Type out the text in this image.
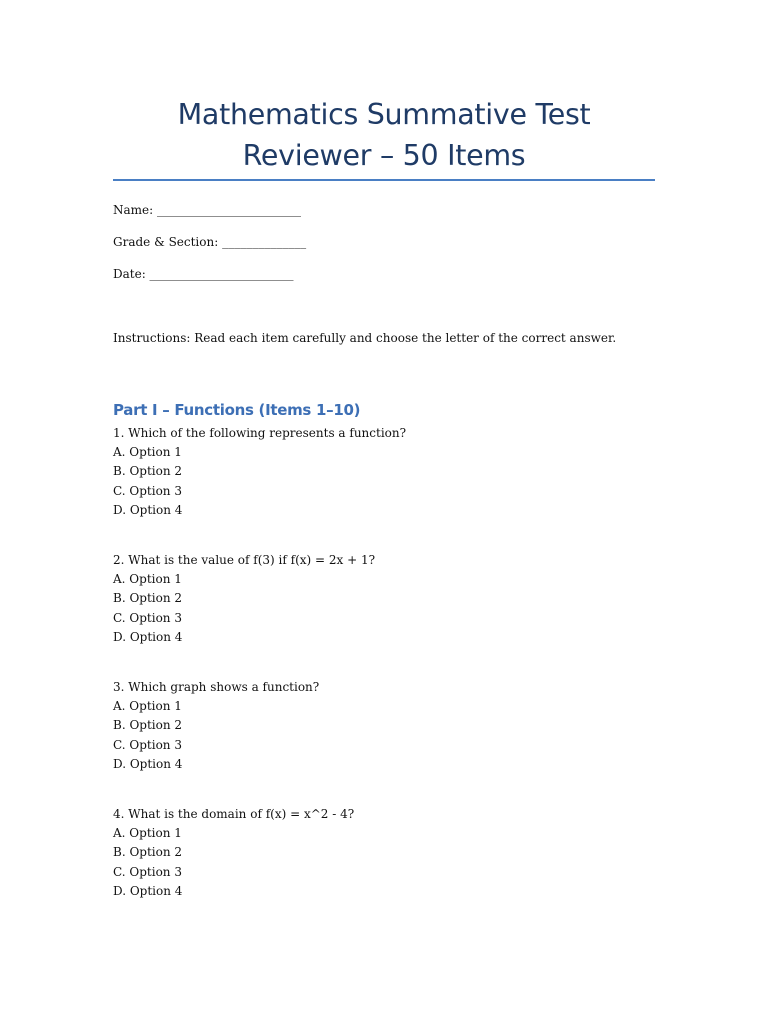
Mathematics Summative Test Reviewer – 50 Items
Name: ________________________
Grade & Section: ______________
Date: ________________________
Instructions: Read each item carefully and choose the letter of the correct answer.
Part I – Functions (Items 1–10)
1. Which of the following represents a function?
A. Option 1
B. Option 2
C. Option 3
D. Option 4
2. What is the value of f(3) if f(x) = 2x + 1?
A. Option 1
B. Option 2
C. Option 3
D. Option 4
3. Which graph shows a function?
A. Option 1
B. Option 2
C. Option 3
D. Option 4
4. What is the domain of f(x) = x^2 - 4?
A. Option 1
B. Option 2
C. Option 3
D. Option 4
